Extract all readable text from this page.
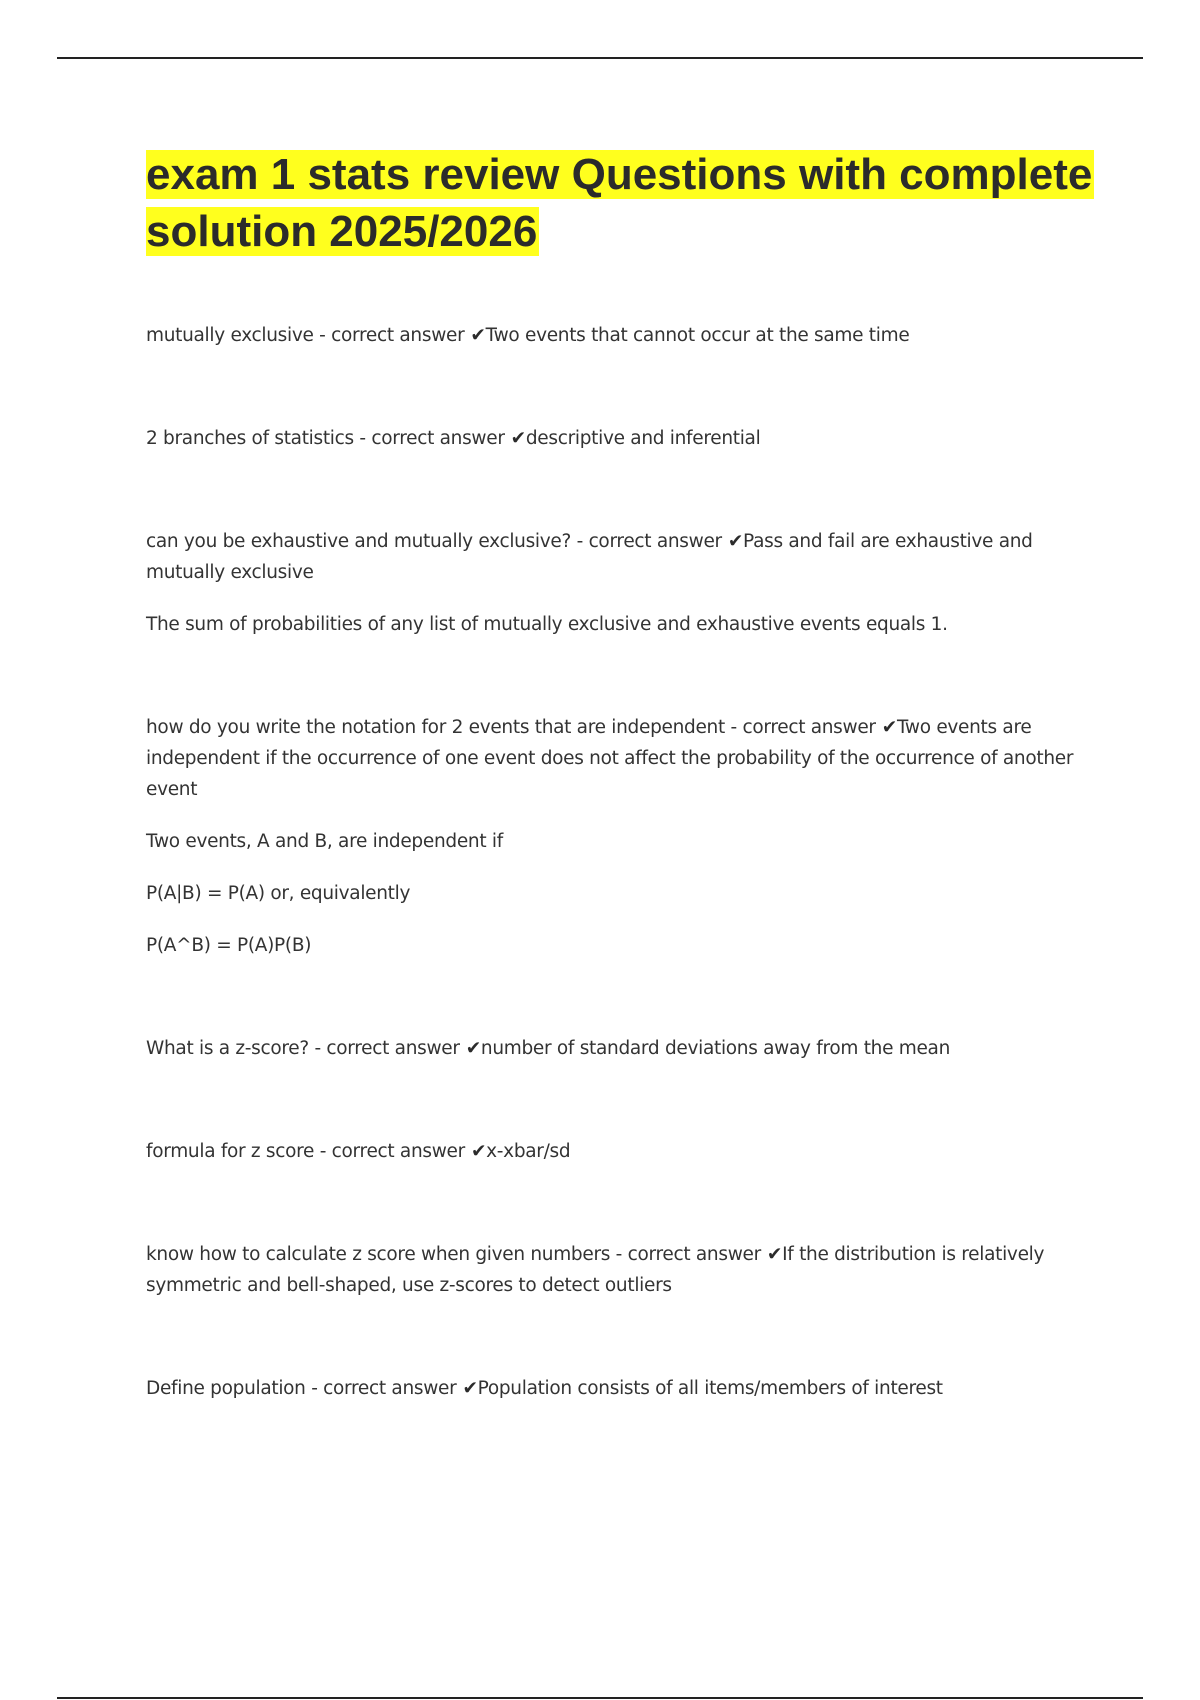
exam 1 stats review Questions with complete solution 2025/2026

mutually exclusive - correct answer ✔Two events that cannot occur at the same time

2 branches of statistics - correct answer ✔descriptive and inferential

can you be exhaustive and mutually exclusive? - correct answer ✔Pass and fail are exhaustive and mutually exclusive

The sum of probabilities of any list of mutually exclusive and exhaustive events equals 1.

how do you write the notation for 2 events that are independent - correct answer ✔Two events are independent if the occurrence of one event does not affect the probability of the occurrence of another event

Two events, A and B, are independent if

P(A|B) = P(A) or, equivalently

P(A^B) = P(A)P(B)

What is a z-score? - correct answer ✔number of standard deviations away from the mean

formula for z score - correct answer ✔x-xbar/sd

know how to calculate z score when given numbers - correct answer ✔If the distribution is relatively symmetric and bell-shaped, use z-scores to detect outliers

Define population - correct answer ✔Population consists of all items/members of interest
